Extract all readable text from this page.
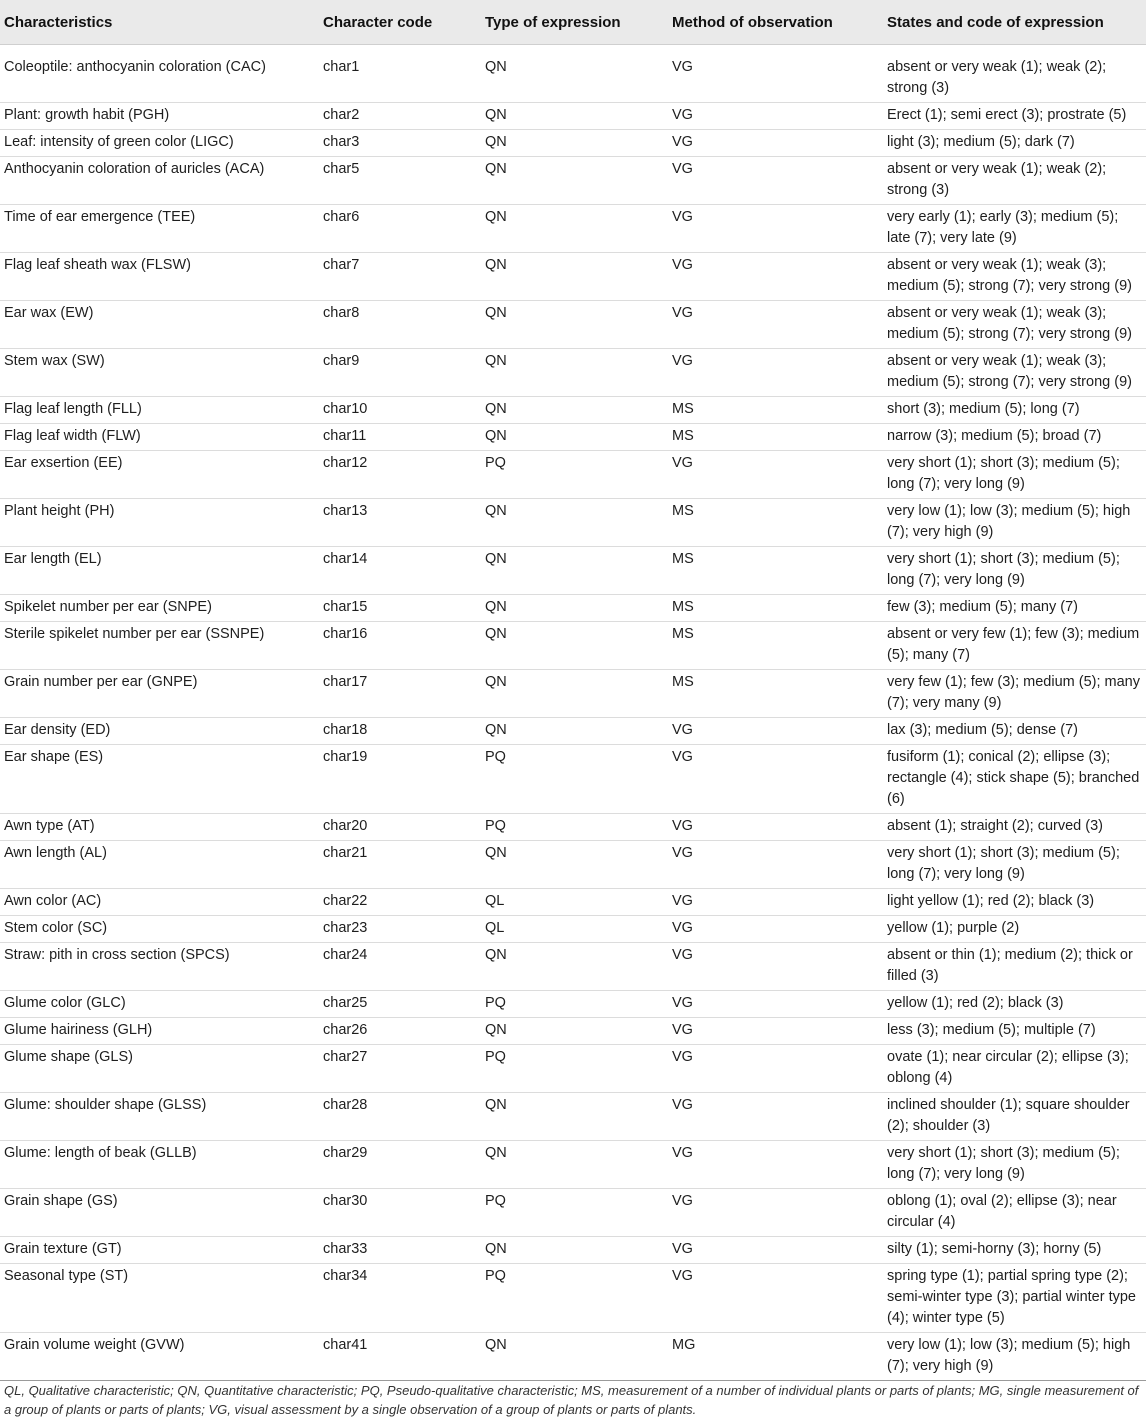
Characteristics	Character code	Type of expression	Method of observation	States and code of expression
Coleoptile: anthocyanin coloration (CAC)	char1	QN	VG	absent or very weak (1); weak (2); strong (3)
Plant: growth habit (PGH)	char2	QN	VG	Erect (1); semi erect (3); prostrate (5)
Leaf: intensity of green color (LIGC)	char3	QN	VG	light (3); medium (5); dark (7)
Anthocyanin coloration of auricles (ACA)	char5	QN	VG	absent or very weak (1); weak (2); strong (3)
Time of ear emergence (TEE)	char6	QN	VG	very early (1); early (3); medium (5); late (7); very late (9)
Flag leaf sheath wax (FLSW)	char7	QN	VG	absent or very weak (1); weak (3); medium (5); strong (7); very strong (9)
Ear wax (EW)	char8	QN	VG	absent or very weak (1); weak (3); medium (5); strong (7); very strong (9)
Stem wax (SW)	char9	QN	VG	absent or very weak (1); weak (3); medium (5); strong (7); very strong (9)
Flag leaf length (FLL)	char10	QN	MS	short (3); medium (5); long (7)
Flag leaf width (FLW)	char11	QN	MS	narrow (3); medium (5); broad (7)
Ear exsertion (EE)	char12	PQ	VG	very short (1); short (3); medium (5); long (7); very long (9)
Plant height (PH)	char13	QN	MS	very low (1); low (3); medium (5); high (7); very high (9)
Ear length (EL)	char14	QN	MS	very short (1); short (3); medium (5); long (7); very long (9)
Spikelet number per ear (SNPE)	char15	QN	MS	few (3); medium (5); many (7)
Sterile spikelet number per ear (SSNPE)	char16	QN	MS	absent or very few (1); few (3); medium (5); many (7)
Grain number per ear (GNPE)	char17	QN	MS	very few (1); few (3); medium (5); many (7); very many (9)
Ear density (ED)	char18	QN	VG	lax (3); medium (5); dense (7)
Ear shape (ES)	char19	PQ	VG	fusiform (1); conical (2); ellipse (3); rectangle (4); stick shape (5); branched (6)
Awn type (AT)	char20	PQ	VG	absent (1); straight (2); curved (3)
Awn length (AL)	char21	QN	VG	very short (1); short (3); medium (5); long (7); very long (9)
Awn color (AC)	char22	QL	VG	light yellow (1); red (2); black (3)
Stem color (SC)	char23	QL	VG	yellow (1); purple (2)
Straw: pith in cross section (SPCS)	char24	QN	VG	absent or thin (1); medium (2); thick or filled (3)
Glume color (GLC)	char25	PQ	VG	yellow (1); red (2); black (3)
Glume hairiness (GLH)	char26	QN	VG	less (3); medium (5); multiple (7)
Glume shape (GLS)	char27	PQ	VG	ovate (1); near circular (2); ellipse (3); oblong (4)
Glume: shoulder shape (GLSS)	char28	QN	VG	inclined shoulder (1); square shoulder (2); shoulder (3)
Glume: length of beak (GLLB)	char29	QN	VG	very short (1); short (3); medium (5); long (7); very long (9)
Grain shape (GS)	char30	PQ	VG	oblong (1); oval (2); ellipse (3); near circular (4)
Grain texture (GT)	char33	QN	VG	silty (1); semi-horny (3); horny (5)
Seasonal type (ST)	char34	PQ	VG	spring type (1); partial spring type (2); semi-winter type (3); partial winter type (4); winter type (5)
Grain volume weight (GVW)	char41	QN	MG	very low (1); low (3); medium (5); high (7); very high (9)
QL, Qualitative characteristic; QN, Quantitative characteristic; PQ, Pseudo-qualitative characteristic; MS, measurement of a number of individual plants or parts of plants; MG, single measurement of a group of plants or parts of plants; VG, visual assessment by a single observation of a group of plants or parts of plants.
